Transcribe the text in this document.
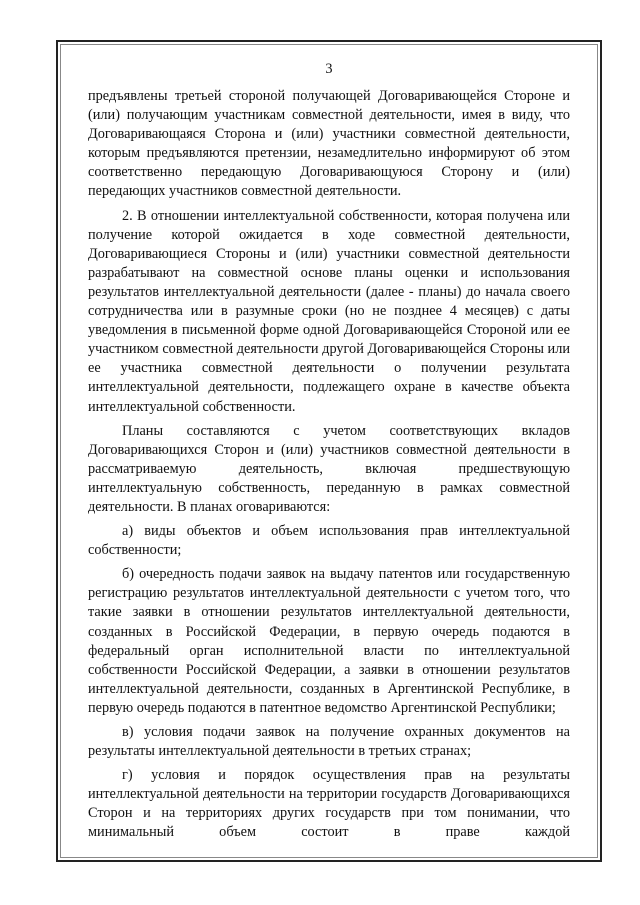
3

предъявлены третьей стороной получающей Договаривающейся Стороне и (или) получающим участникам совместной деятельности, имея в виду, что Договаривающаяся Сторона и (или) участники совместной деятельности, которым предъявляются претензии, незамедлительно информируют об этом соответственно передающую Договаривающуюся Сторону и (или) передающих участников совместной деятельности.

2. В отношении интеллектуальной собственности, которая получена или получение которой ожидается в ходе совместной деятельности, Договаривающиеся Стороны и (или) участники совместной деятельности разрабатывают на совместной основе планы оценки и использования результатов интеллектуальной деятельности (далее - планы) до начала своего сотрудничества или в разумные сроки (но не позднее 4 месяцев) с даты уведомления в письменной форме одной Договаривающейся Стороной или ее участником совместной деятельности другой Договаривающейся Стороны или ее участника совместной деятельности о получении результата интеллектуальной деятельности, подлежащего охране в качестве объекта интеллектуальной собственности.

Планы составляются с учетом соответствующих вкладов Договаривающихся Сторон и (или) участников совместной деятельности в рассматриваемую деятельность, включая предшествующую интеллектуальную собственность, переданную в рамках совместной деятельности. В планах оговариваются:

а) виды объектов и объем использования прав интеллектуальной собственности;

б) очередность подачи заявок на выдачу патентов или государственную регистрацию результатов интеллектуальной деятельности с учетом того, что такие заявки в отношении результатов интеллектуальной деятельности, созданных в Российской Федерации, в первую очередь подаются в федеральный орган исполнительной власти по интеллектуальной собственности Российской Федерации, а заявки в отношении результатов интеллектуальной деятельности, созданных в Аргентинской Республике, в первую очередь подаются в патентное ведомство Аргентинской Республики;

в) условия подачи заявок на получение охранных документов на результаты интеллектуальной деятельности в третьих странах;

г) условия и порядок осуществления прав на результаты интеллектуальной деятельности на территории государств Договаривающихся Сторон и на территориях других государств при том понимании, что минимальный объем состоит в праве каждой
